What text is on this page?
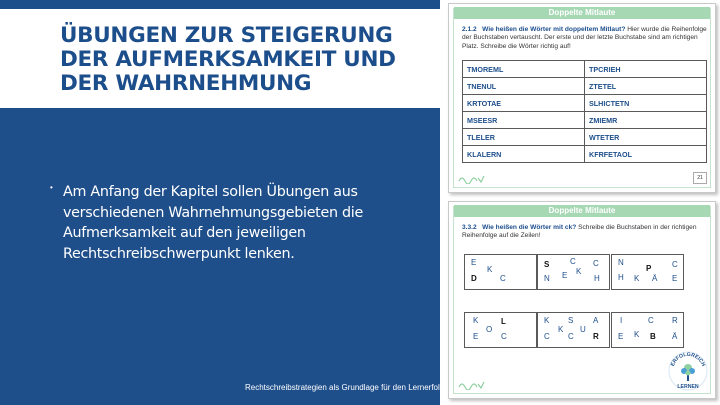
ÜBUNGEN ZUR STEIGERUNG
DER AUFMERKSAMKEIT UND
DER WAHRNEHMUNG
• Am Anfang der Kapitel sollen Übungen aus verschiedenen Wahrnehmungsgebieten die Aufmerksamkeit auf den jeweiligen Rechtschreibschwerpunkt lenken.
Rechtschreibstrategien als Grundlage für den Lernerfolg
Doppelte Mitlaute
2.1.2 Wie heißen die Wörter mit doppeltem Mitlaut? Hier wurde die Reihenfolge der Buchstaben vertauscht. Der erste und der letzte Buchstabe sind am richtigen Platz. Schreibe die Wörter richtig auf!
TMOREML	TPCRIEH
TNENUL	ZTETEL
KRTOTAE	SLHICTETN
MSEESR	ZMIEMR
TLELER	WTETER
KLALERN	KFRFETAOL
21
Doppelte Mitlaute
3.3.2 Wie heißen die Wörter mit ck? Schreibe die Buchstaben in der richtigen Reihenfolge auf die Zeilen!
E
K
D	C
S	C C
N E K
H
N
P	C
H K Ä E
K	L
E
O
C
K S A
C
K
C
U
R
I	C R
E K B Ä
ERFOLGREICH
LERNEN
